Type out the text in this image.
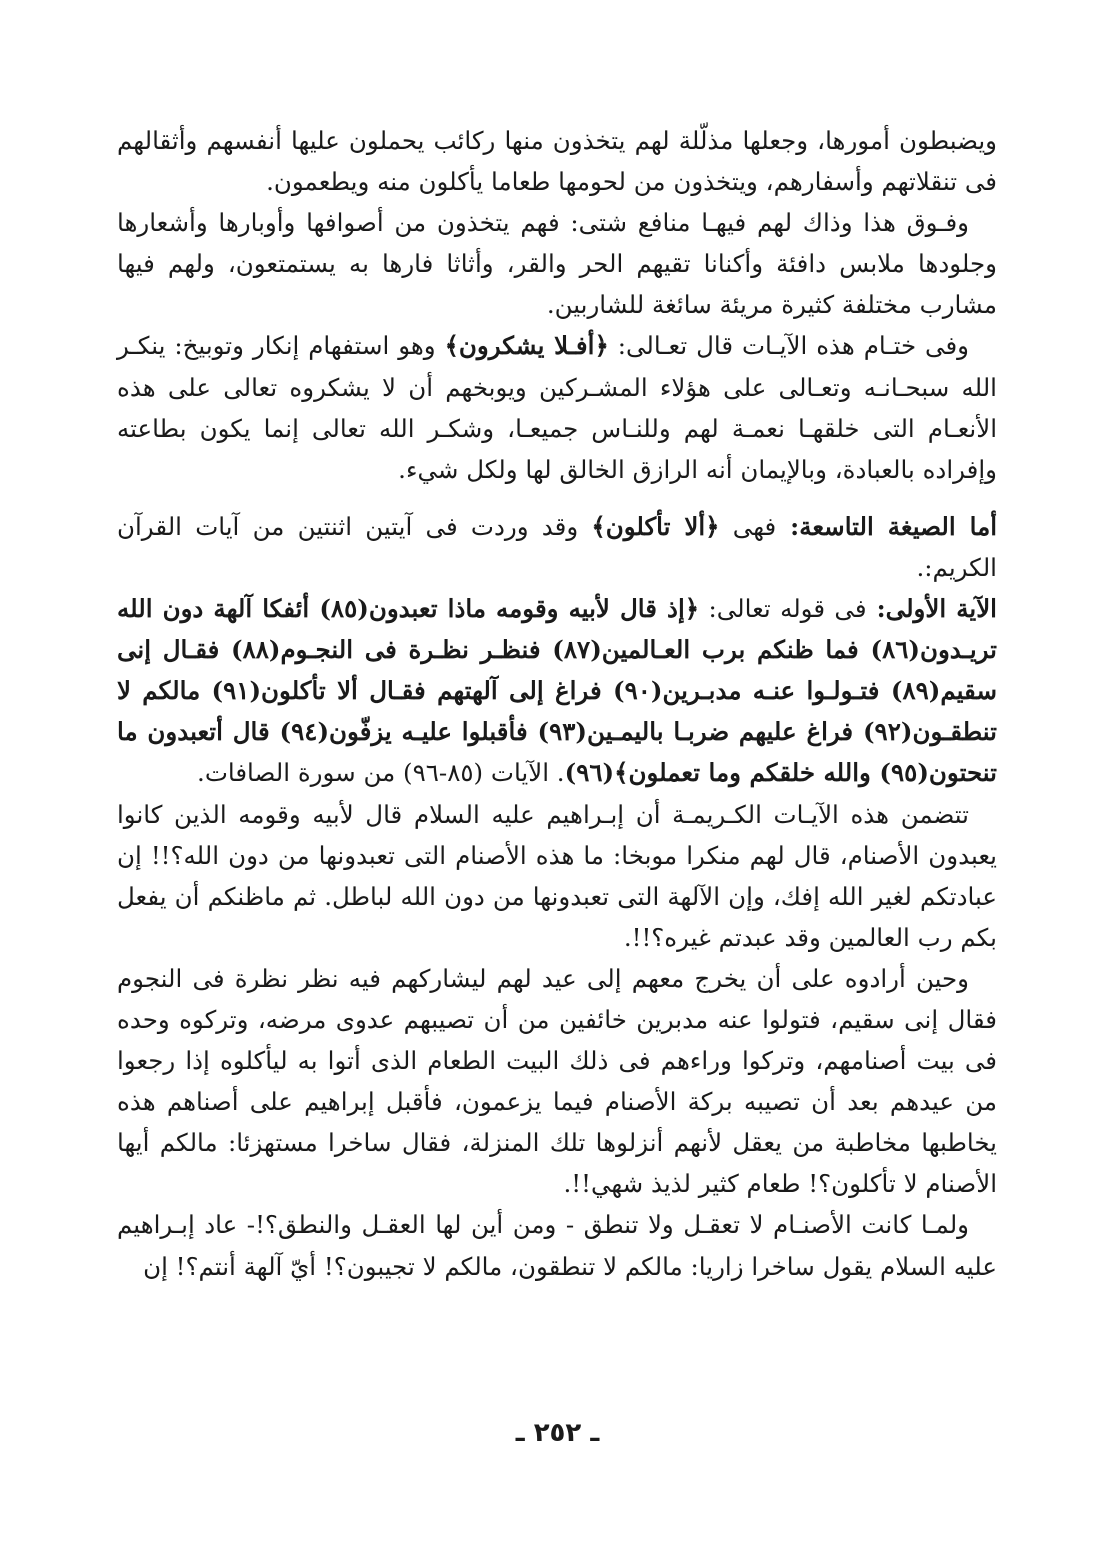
ويضبطون أمورها، وجعلها مذلّلة لهم يتخذون منها ركائب يحملون عليها أنفسهم وأثقالهم فى تنقلاتهم وأسفارهم، ويتخذون من لحومها طعاما يأكلون منه ويطعمون.

وفـوق هذا وذاك لهم فيهـا منافع شتى: فهم يتخذون من أصوافها وأوبارها وأشعارها وجلودها ملابس دافئة وأكنانا تقيهم الحر والقر، وأثاثا فارها به يستمتعون، ولهم فيها مشارب مختلفة كثيرة مريئة سائغة للشاربين.

وفى ختـام هذه الآيـات قال تعـالى: ﴿أفـلا يشكرون﴾ وهو استفهام إنكار وتوبيخ: ينكـر الله سبحـانـه وتعـالى على هؤلاء المشـركين ويوبخهم أن لا يشكروه تعالى على هذه الأنعـام التى خلقهـا نعمـة لهم وللنـاس جميعـا، وشكـر الله تعالى إنما يكون بطاعته وإفراده بالعبادة، وبالإيمان أنه الرازق الخالق لها ولكل شيء.

أما الصيغة التاسعة: فهى ﴿ألا تأكلون﴾ وقد وردت فى آيتين اثنتين من آيات القرآن الكريم:.

الآية الأولى: فى قوله تعالى: ﴿إذ قال لأبيه وقومه ماذا تعبدون(٨٥) أئفكا آلهة دون الله تريـدون(٨٦) فما ظنكم برب العـالمين(٨٧) فنظـر نظـرة فى النجـوم(٨٨) فقـال إنى سقيم(٨٩) فتـولـوا عنـه مدبـرين(٩٠) فراغ إلى آلهتهم فقـال ألا تأكلون(٩١) مالكم لا تنطقـون(٩٢) فراغ عليهم ضربـا باليمـين(٩٣) فأقبلوا عليـه يزفّون(٩٤) قال أتعبدون ما تنحتون(٩٥) والله خلقكم وما تعملون﴾(٩٦). الآيات (٨٥-٩٦) من سورة الصافات.

تتضمن هذه الآيـات الكـريمـة أن إبـراهيم عليه السلام قال لأبيه وقومه الذين كانوا يعبدون الأصنام، قال لهم منكرا موبخا: ما هذه الأصنام التى تعبدونها من دون الله؟!! إن عبادتكم لغير الله إفك، وإن الآلهة التى تعبدونها من دون الله لباطل. ثم ماظنكم أن يفعل بكم رب العالمين وقد عبدتم غيره؟!!.

وحين أرادوه على أن يخرج معهم إلى عيد لهم ليشاركهم فيه نظر نظرة فى النجوم فقال إنى سقيم، فتولوا عنه مدبرين خائفين من أن تصيبهم عدوى مرضه، وتركوه وحده فى بيت أصنامهم، وتركوا وراءهم فى ذلك البيت الطعام الذى أتوا به ليأكلوه إذا رجعوا من عيدهم بعد أن تصيبه بركة الأصنام فيما يزعمون، فأقبل إبراهيم على أصناهم هذه يخاطبها مخاطبة من يعقل لأنهم أنزلوها تلك المنزلة، فقال ساخرا مستهزئا: مالكم أيها الأصنام لا تأكلون؟! طعام كثير لذيذ شهي!!.

ولمـا كانت الأصنـام لا تعقـل ولا تنطق - ومن أين لها العقـل والنطق؟!- عاد إبـراهيم عليه السلام يقول ساخرا زاريا: مالكم لا تنطقون، مالكم لا تجيبون؟! أيّ آلهة أنتم؟! إن

ـ ٢٥٢ ـ
